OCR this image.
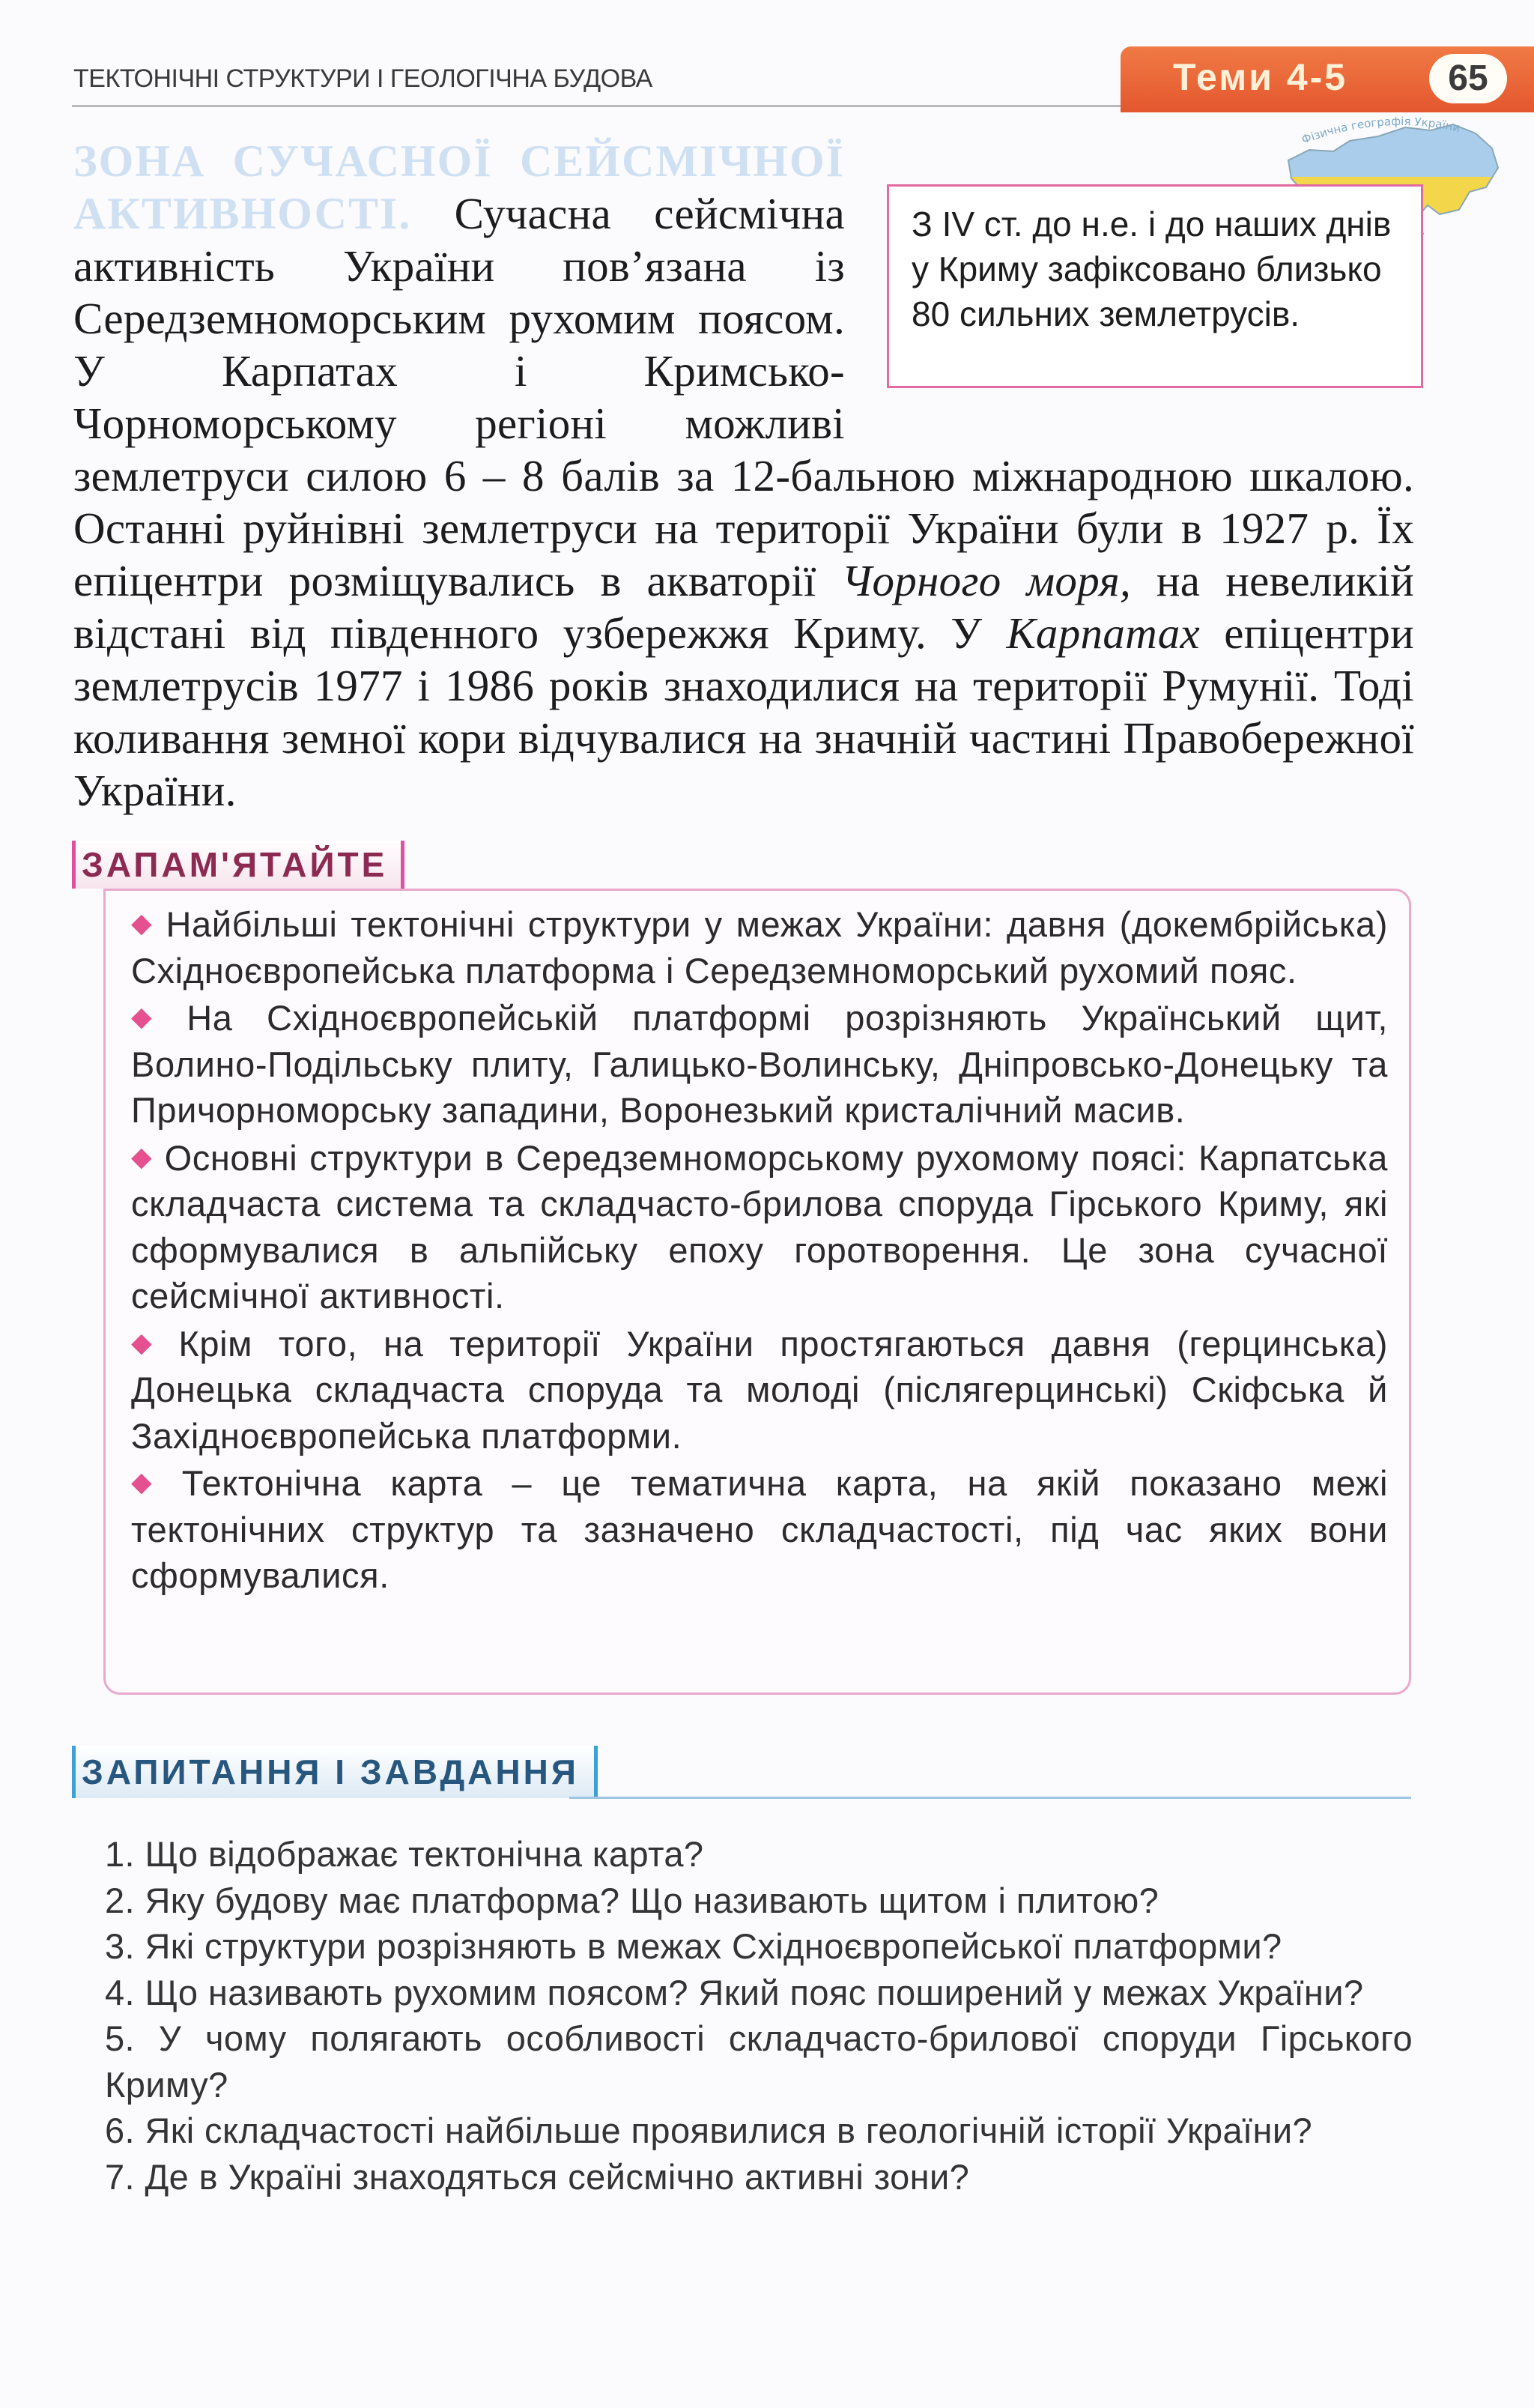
ТЕКТОНІЧНІ СТРУКТУРИ І ГЕОЛОГІЧНА БУДОВА	Теми 4-5	65
Фізична географія України
ЗОНА СУЧАСНОЇ СЕЙСМІЧНОЇ АКТИВНОСТІ. Сучасна сейсмічна активність України пов’язана із Середземноморським рухомим поясом. У Карпатах і Кримсько-Чорноморському регіоні можливі землетруси силою 6 – 8 балів за 12-бальною міжнародною шкалою. Останні руйнівні землетруси на території України були в 1927 р. Їх епіцентри розміщувались в акваторії Чорного моря, на невеликій відстані від південного узбережжя Криму. У Карпатах епіцентри землетрусів 1977 і 1986 років знаходилися на території Румунії. Тоді коливання земної кори відчувалися на значній частині Правобережної України.
З IV ст. до н.е. і до наших днів у Криму зафіксовано близько 80 сильних землетрусів.
ЗАПАМ'ЯТАЙТЕ

◆ Найбільші тектонічні структури у межах України: давня (докембрійська) Східноєвропейська платформа і Середземноморський рухомий пояс.

◆ На Східноєвропейській платформі розрізняють Український щит, Волино-Подільську плиту, Галицько-Волинську, Дніпровсько-Донецьку та Причорноморську западини, Воронезький кристалічний масив.

◆ Основні структури в Середземноморському рухомому поясі: Карпатська складчаста система та складчасто-брилова споруда Гірського Криму, які сформувалися в альпійську епоху горотворення. Це зона сучасної сейсмічної активності.

◆ Крім того, на території України простягаються давня (герцинська) Донецька складчаста споруда та молоді (післягерцинські) Скіфська й Західноєвропейська платформи.

◆ Тектонічна карта – це тематична карта, на якій показано межі тектонічних структур та зазначено складчастості, під час яких вони сформувалися.

ЗАПИТАННЯ І ЗАВДАННЯ
1. Що відображає тектонічна карта?
2. Яку будову має платформа? Що називають щитом і плитою?
3. Які структури розрізняють в межах Східноєвропейської платформи?
4. Що називають рухомим поясом? Який пояс поширений у межах України?
5. У чому полягають особливості складчасто-брилової споруди Гірського Криму?
6. Які складчастості найбільше проявилися в геологічній історії України?
7. Де в Україні знаходяться сейсмічно активні зони?
